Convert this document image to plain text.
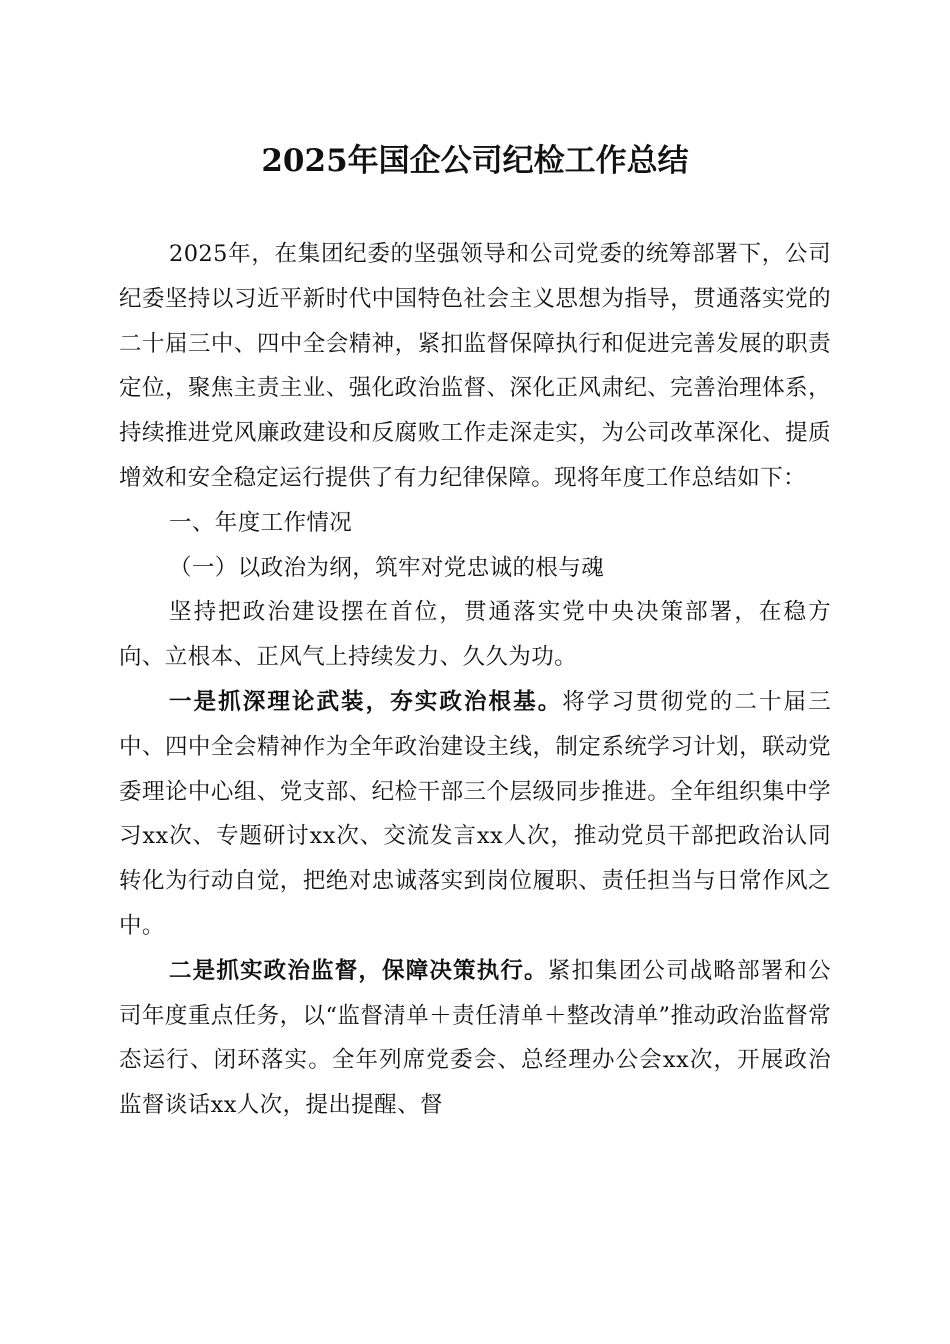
2025年国企公司纪检工作总结

2025年，在集团纪委的坚强领导和公司党委的统筹部署下，公司纪委坚持以习近平新时代中国特色社会主义思想为指导，贯通落实党的二十届三中、四中全会精神，紧扣监督保障执行和促进完善发展的职责定位，聚焦主责主业、强化政治监督、深化正风肃纪、完善治理体系，持续推进党风廉政建设和反腐败工作走深走实，为公司改革深化、提质增效和安全稳定运行提供了有力纪律保障。现将年度工作总结如下：

一、年度工作情况

（一）以政治为纲，筑牢对党忠诚的根与魂

坚持把政治建设摆在首位，贯通落实党中央决策部署，在稳方向、立根本、正风气上持续发力、久久为功。

一是抓深理论武装，夯实政治根基。将学习贯彻党的二十届三中、四中全会精神作为全年政治建设主线，制定系统学习计划，联动党委理论中心组、党支部、纪检干部三个层级同步推进。全年组织集中学习xx次、专题研讨xx次、交流发言xx人次，推动党员干部把政治认同转化为行动自觉，把绝对忠诚落实到岗位履职、责任担当与日常作风之中。

二是抓实政治监督，保障决策执行。紧扣集团公司战略部署和公司年度重点任务，以“监督清单＋责任清单＋整改清单”推动政治监督常态运行、闭环落实。全年列席党委会、总经理办公会xx次，开展政治监督谈话xx人次，提出提醒、督
